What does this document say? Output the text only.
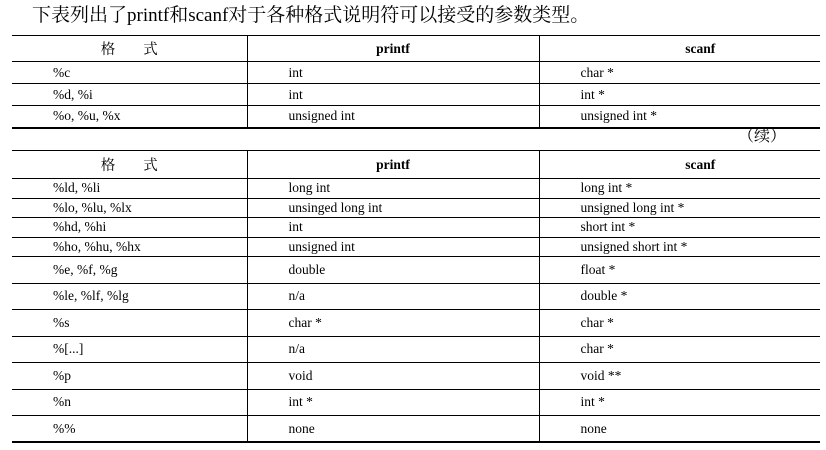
下表列出了printf和scanf对于各种格式说明符可以接受的参数类型。
格式	printf	scanf
%c	int	char *
%d, %i	int	int *
%o, %u, %x	unsigned int	unsigned int *
（续）
格式	printf	scanf
%ld, %li	long int	long int *
%lo, %lu, %lx	unsinged long int	unsigned long int *
%hd, %hi	int	short int *
%ho, %hu, %hx	unsigned int	unsigned short int *
%e, %f, %g	double	float *
%le, %lf, %lg	n/a	double *
%s	char *	char *
%[...]	n/a	char *
%p	void	void **
%n	int *	int *
%%	none	none
